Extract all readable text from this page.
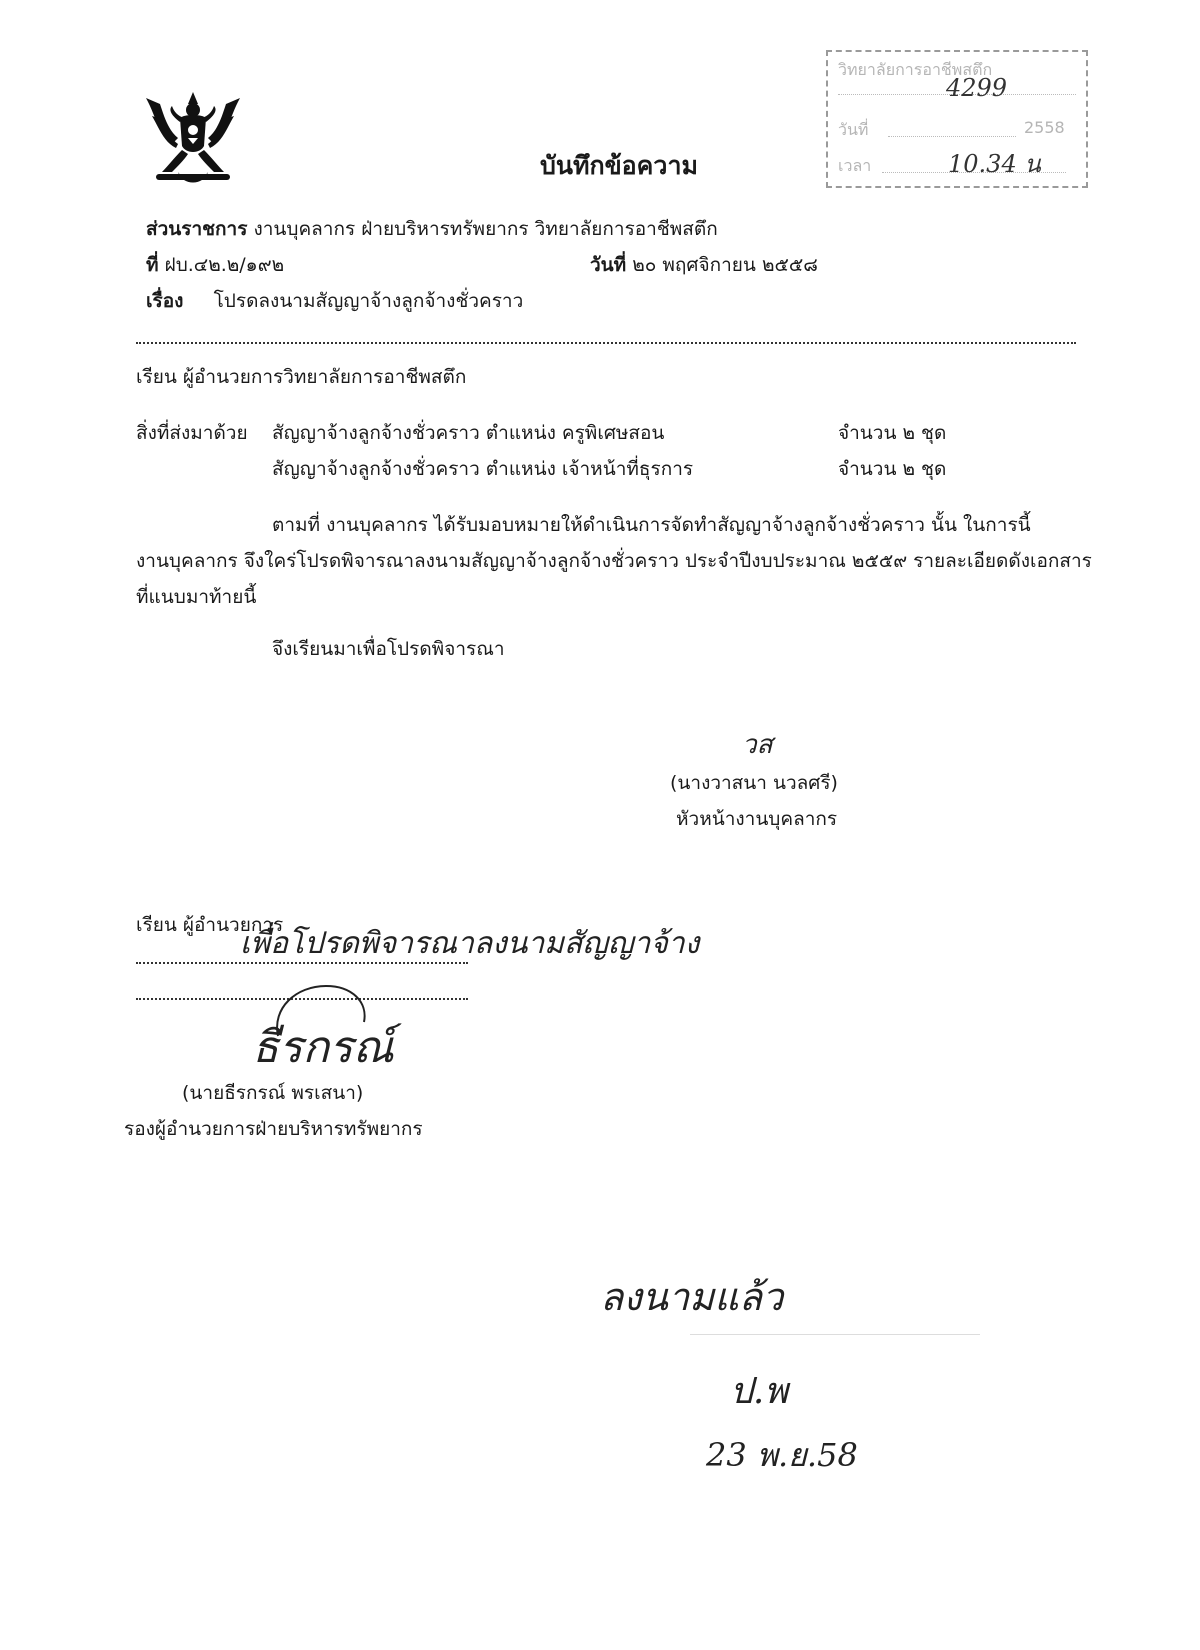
วิทยาลัยการอาชีพสตึก
4299
วันที่	2558
เวลา	10.34 น
บันทึกข้อความ
ส่วนราชการ งานบุคลากร ฝ่ายบริหารทรัพยากร วิทยาลัยการอาชีพสตึก
ที่ ฝบ.๔๒.๒/๑๙๒	วันที่ ๒๐ พฤศจิกายน ๒๕๕๘
เรื่อง โปรดลงนามสัญญาจ้างลูกจ้างชั่วคราว
เรียน ผู้อำนวยการวิทยาลัยการอาชีพสตึก
สิ่งที่ส่งมาด้วย สัญญาจ้างลูกจ้างชั่วคราว ตำแหน่ง ครูพิเศษสอน	จำนวน ๒ ชุด
สัญญาจ้างลูกจ้างชั่วคราว ตำแหน่ง เจ้าหน้าที่ธุรการ	จำนวน ๒ ชุด
ตามที่ งานบุคลากร ได้รับมอบหมายให้ดำเนินการจัดทำสัญญาจ้างลูกจ้างชั่วคราว นั้น ในการนี้
งานบุคลากร จึงใคร่โปรดพิจารณาลงนามสัญญาจ้างลูกจ้างชั่วคราว ประจำปีงบประมาณ ๒๕๕๙ รายละเอียดดังเอกสาร
ที่แนบมาท้ายนี้
จึงเรียนมาเพื่อโปรดพิจารณา
วส
(นางวาสนา นวลศรี)
หัวหน้างานบุคลากร
เรียน ผู้อำนวยการ
เพื่อโปรดพิจารณาลงนามสัญญาจ้าง
ธีรกรณ์
(นายธีรกรณ์ พรเสนา)
รองผู้อำนวยการฝ่ายบริหารทรัพยากร
ลงนามแล้ว
ป.พ
23 พ.ย.58
